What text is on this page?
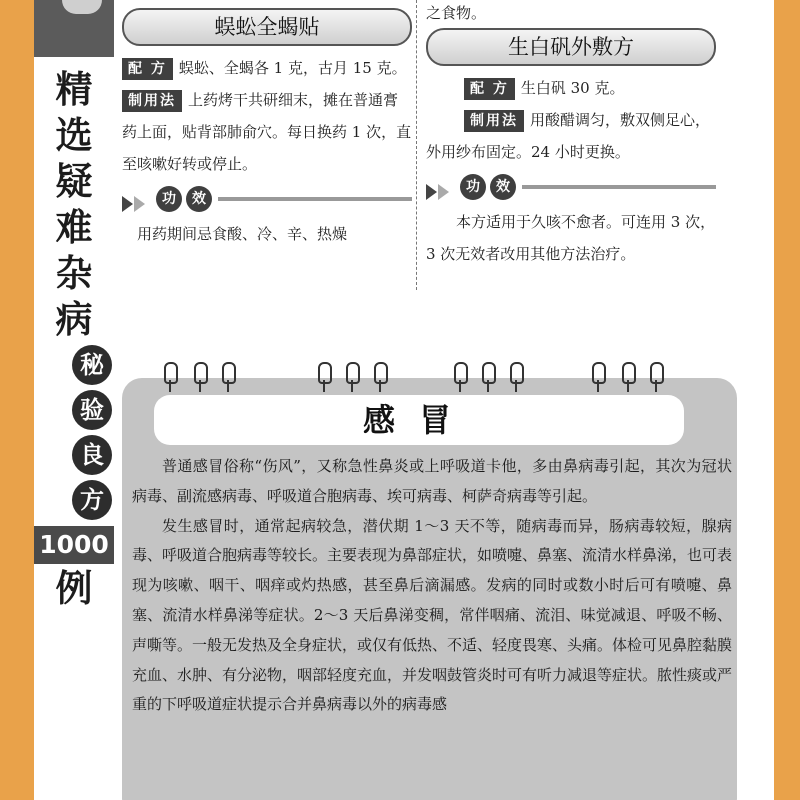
精
选
疑
难
杂
病
秘
验
良
方
1000
例
蜈蚣全蝎贴

配 方 蜈蚣、全蝎各 1 克，古月 15 克。

制用法 上药烤干共研细末，摊在普通膏药上面，贴背部肺俞穴。每日换药 1 次，直至咳嗽好转或停止。

功	效

用药期间忌食酸、冷、辛、热燥

之食物。

生白矾外敷方

配 方 生白矾 30 克。

制用法 用酸醋调匀，敷双侧足心，外用纱布固定。24 小时更换。

功	效

本方适用于久咳不愈者。可连用 3 次，3 次无效者改用其他方法治疗。

感冒

普通感冒俗称“伤风”，又称急性鼻炎或上呼吸道卡他，多由鼻病毒引起，其次为冠状病毒、副流感病毒、呼吸道合胞病毒、埃可病毒、柯萨奇病毒等引起。

发生感冒时，通常起病较急，潜伏期 1～3 天不等，随病毒而异，肠病毒较短，腺病毒、呼吸道合胞病毒等较长。主要表现为鼻部症状，如喷嚏、鼻塞、流清水样鼻涕，也可表现为咳嗽、咽干、咽痒或灼热感，甚至鼻后滴漏感。发病的同时或数小时后可有喷嚏、鼻塞、流清水样鼻涕等症状。2～3 天后鼻涕变稠，常伴咽痛、流泪、味觉减退、呼吸不畅、声嘶等。一般无发热及全身症状，或仅有低热、不适、轻度畏寒、头痛。体检可见鼻腔黏膜充血、水肿、有分泌物，咽部轻度充血，并发咽鼓管炎时可有听力减退等症状。脓性痰或严重的下呼吸道症状提示合并鼻病毒以外的病毒感
